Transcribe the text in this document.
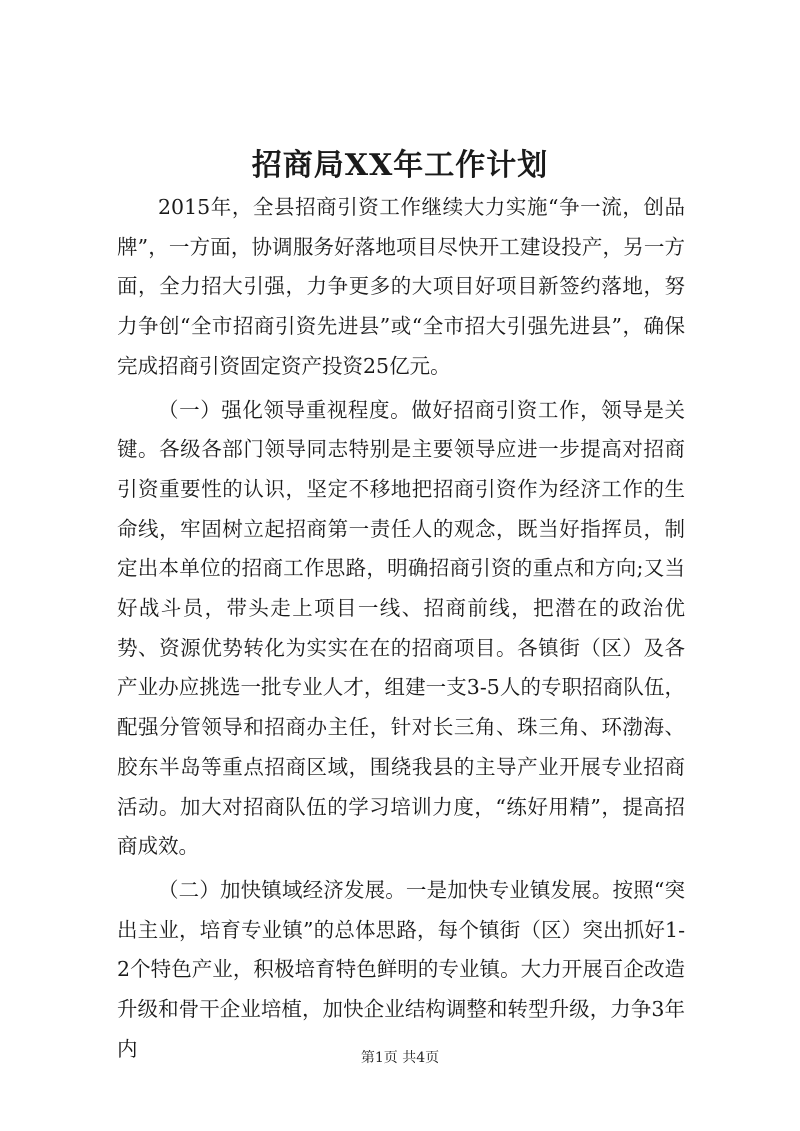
招商局XX年工作计划

2015年，全县招商引资工作继续大力实施“争一流，创品牌”，一方面，协调服务好落地项目尽快开工建设投产，另一方面，全力招大引强，力争更多的大项目好项目新签约落地，努力争创“全市招商引资先进县”或“全市招大引强先进县”，确保完成招商引资固定资产投资25亿元。

（一）强化领导重视程度。做好招商引资工作，领导是关键。各级各部门领导同志特别是主要领导应进一步提高对招商引资重要性的认识，坚定不移地把招商引资作为经济工作的生命线，牢固树立起招商第一责任人的观念，既当好指挥员，制定出本单位的招商工作思路，明确招商引资的重点和方向;又当好战斗员，带头走上项目一线、招商前线，把潜在的政治优势、资源优势转化为实实在在的招商项目。各镇街（区）及各产业办应挑选一批专业人才，组建一支3-5人的专职招商队伍，配强分管领导和招商办主任，针对长三角、珠三角、环渤海、胶东半岛等重点招商区域，围绕我县的主导产业开展专业招商活动。加大对招商队伍的学习培训力度，“练好用精”，提高招商成效。

（二）加快镇域经济发展。一是加快专业镇发展。按照“突出主业，培育专业镇”的总体思路，每个镇街（区）突出抓好1-2个特色产业，积极培育特色鲜明的专业镇。大力开展百企改造升级和骨干企业培植，加快企业结构调整和转型升级，力争3年内	第1页 共4页
